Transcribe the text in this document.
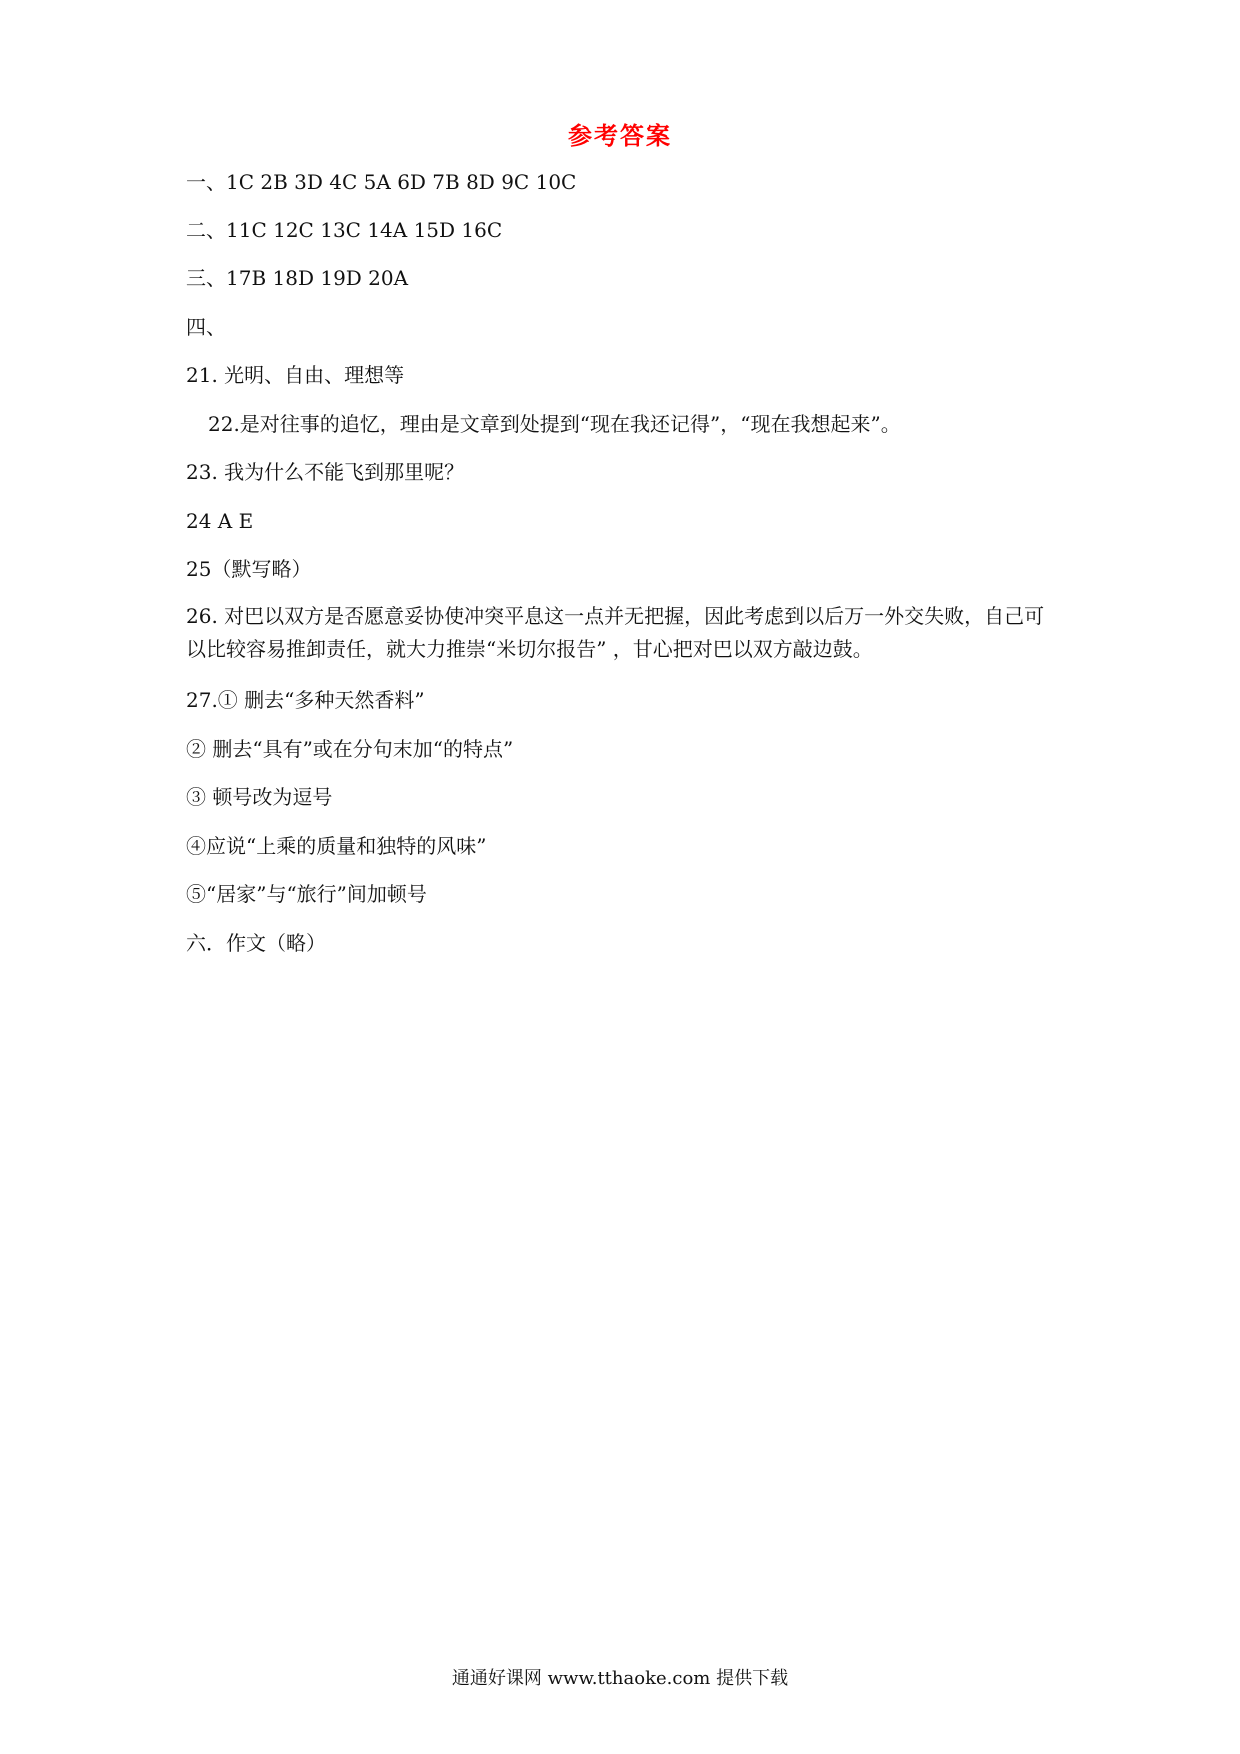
参考答案
一、1C 2B 3D 4C 5A 6D 7B 8D 9C 10C
二、11C 12C 13C 14A 15D 16C
三、17B 18D 19D 20A
四、
21. 光明、自由、理想等
22.是对往事的追忆，理由是文章到处提到“现在我还记得”，“现在我想起来”。
23. 我为什么不能飞到那里呢？
24 A E
25（默写略）
26. 对巴以双方是否愿意妥协使冲突平息这一点并无把握，因此考虑到以后万一外交失败，自己可以比较容易推卸责任，就大力推崇“米切尔报告” ，甘心把对巴以双方敲边鼓。
27.① 删去“多种天然香料”
② 删去“具有”或在分句末加“的特点”
③ 顿号改为逗号
④应说“上乘的质量和独特的风味”
⑤“居家”与“旅行”间加顿号
六．作文（略）
通通好课网 www.tthaoke.com 提供下载
